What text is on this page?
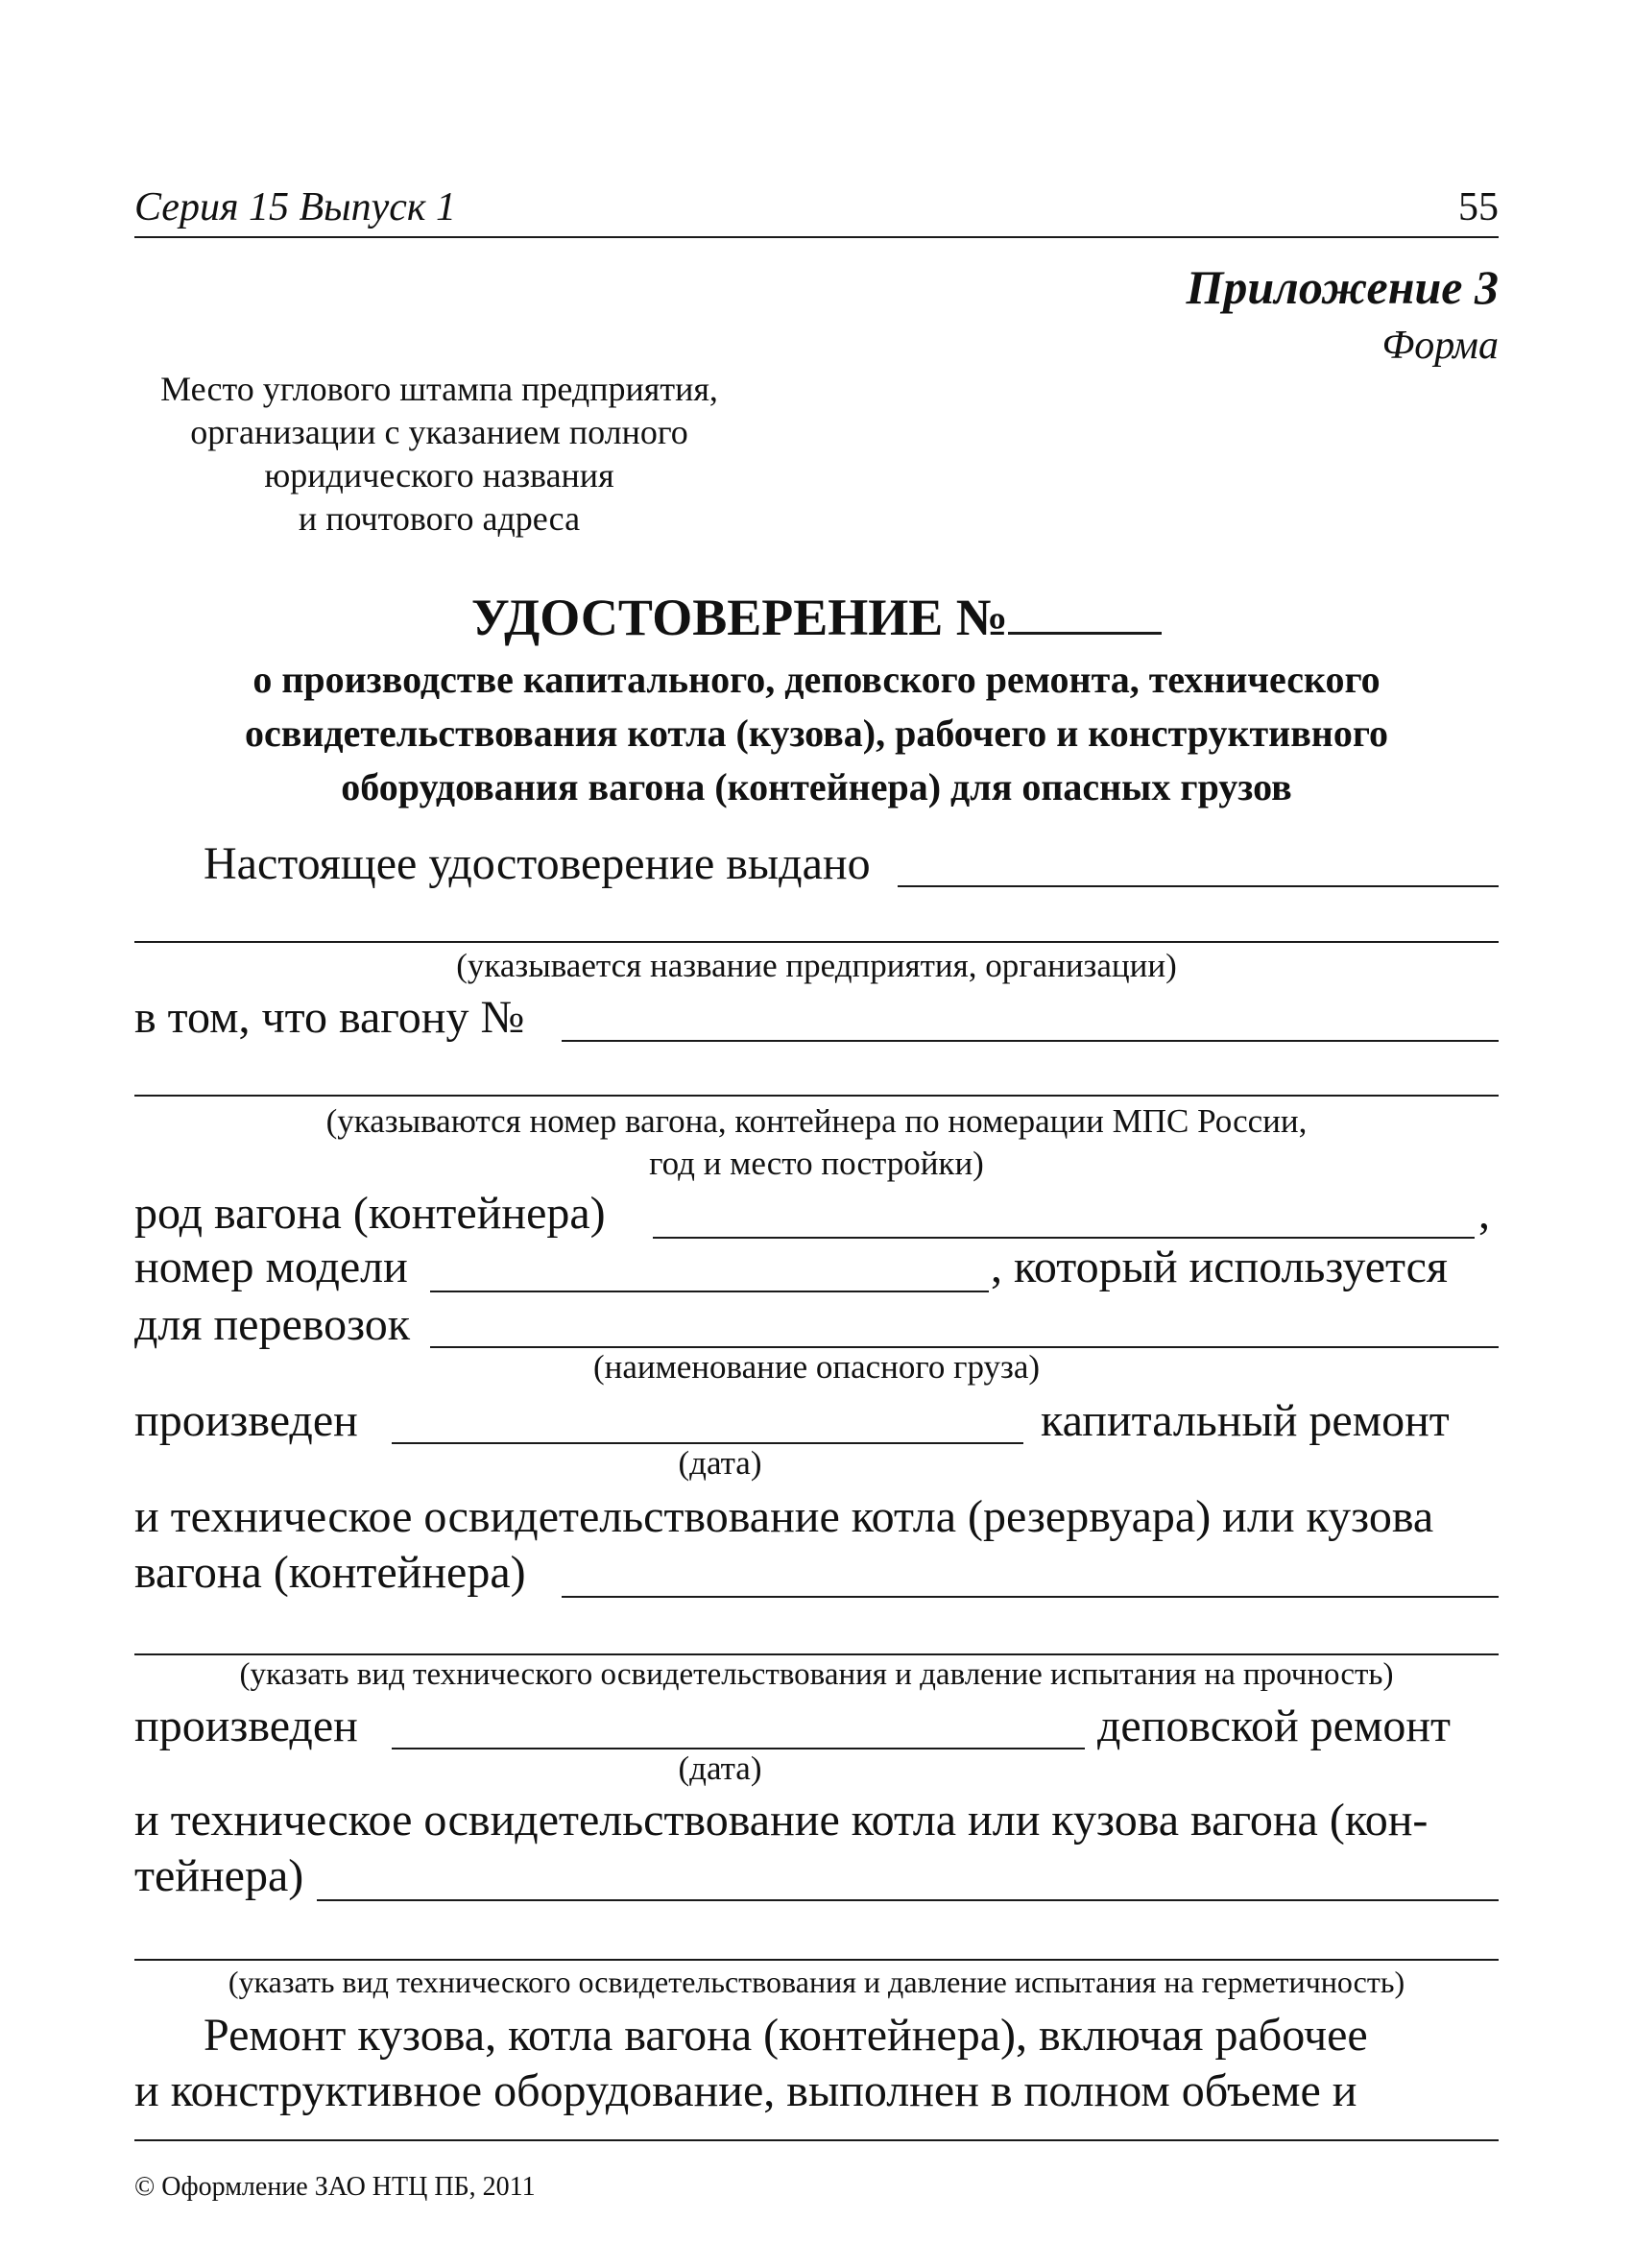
Серия 15 Выпуск 1	55
Приложение 3
Форма
Место углового штампа предприятия,
организации с указанием полного
юридического названия
и почтового адреса
УДОСТОВЕРЕНИЕ №
о производстве капитального, деповского ремонта, технического
освидетельствования котла (кузова), рабочего и конструктивного
оборудования вагона (контейнера) для опасных грузов
Настоящее удостоверение выдано
(указывается название предприятия, организации)
в том, что вагону №
(указываются номер вагона, контейнера по номерации МПС России,
год и место постройки)
род вагона (контейнера)	,
номер модели	, который используется
для перевозок
(наименование опасного груза)
произведен	капитальный ремонт
(дата)
и техническое освидетельствование котла (резервуара) или кузова
вагона (контейнера)
(указать вид технического освидетельствования и давление испытания на прочность)
произведен	деповской ремонт
(дата)
и техническое освидетельствование котла или кузова вагона (кон-
тейнера)
(указать вид технического освидетельствования и давление испытания на герметичность)
Ремонт кузова, котла вагона (контейнера), включая рабочее
и конструктивное оборудование, выполнен в полном объеме и
© Оформление ЗАО НТЦ ПБ, 2011
